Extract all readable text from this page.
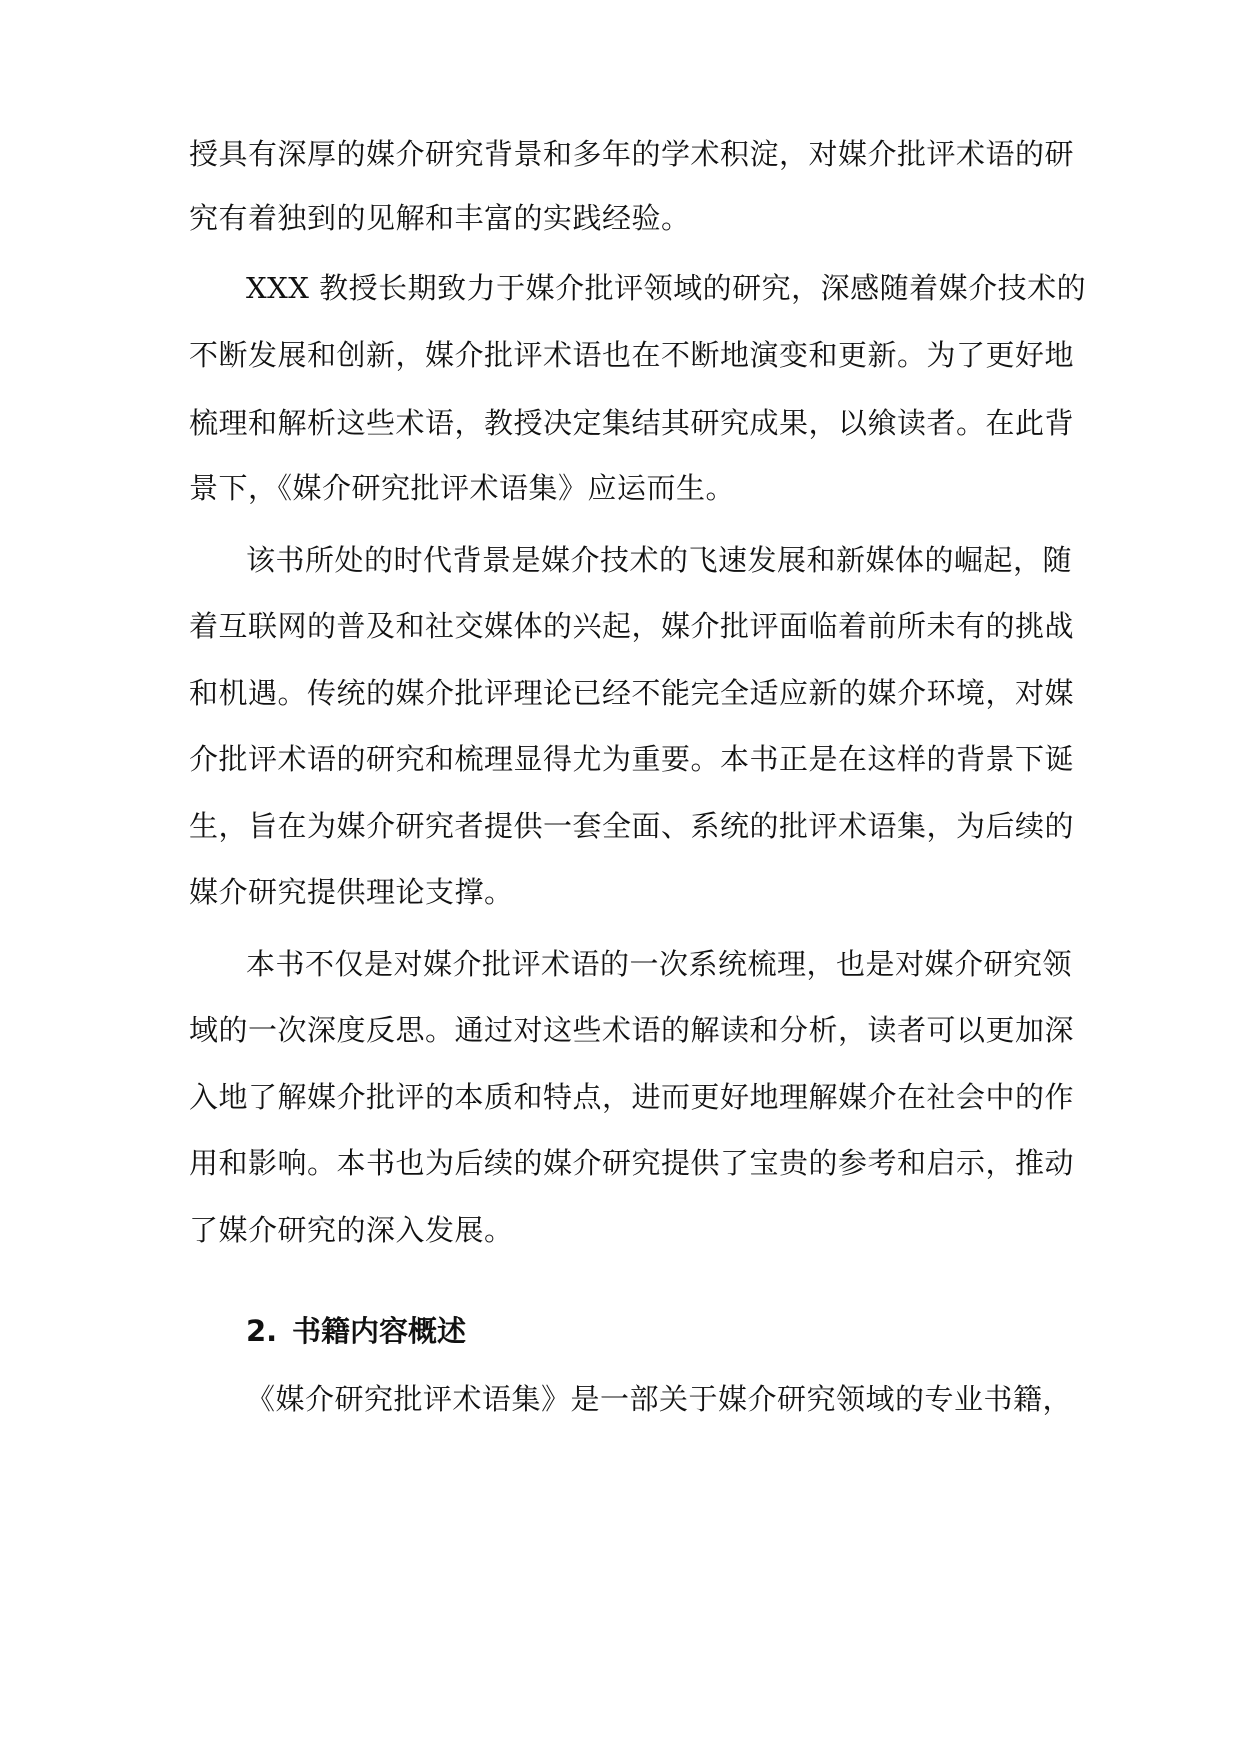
授具有深厚的媒介研究背景和多年的学术积淀，对媒介批评术语的研
究有着独到的见解和丰富的实践经验。
XXX 教授长期致力于媒介批评领域的研究，深感随着媒介技术的
不断发展和创新，媒介批评术语也在不断地演变和更新。为了更好地
梳理和解析这些术语，教授决定集结其研究成果，以飨读者。在此背
景下，《媒介研究批评术语集》应运而生。
该书所处的时代背景是媒介技术的飞速发展和新媒体的崛起，随
着互联网的普及和社交媒体的兴起，媒介批评面临着前所未有的挑战
和机遇。传统的媒介批评理论已经不能完全适应新的媒介环境，对媒
介批评术语的研究和梳理显得尤为重要。本书正是在这样的背景下诞
生，旨在为媒介研究者提供一套全面、系统的批评术语集，为后续的
媒介研究提供理论支撑。
本书不仅是对媒介批评术语的一次系统梳理，也是对媒介研究领
域的一次深度反思。通过对这些术语的解读和分析，读者可以更加深
入地了解媒介批评的本质和特点，进而更好地理解媒介在社会中的作
用和影响。本书也为后续的媒介研究提供了宝贵的参考和启示，推动
了媒介研究的深入发展。
2. 书籍内容概述
《媒介研究批评术语集》是一部关于媒介研究领域的专业书籍，
